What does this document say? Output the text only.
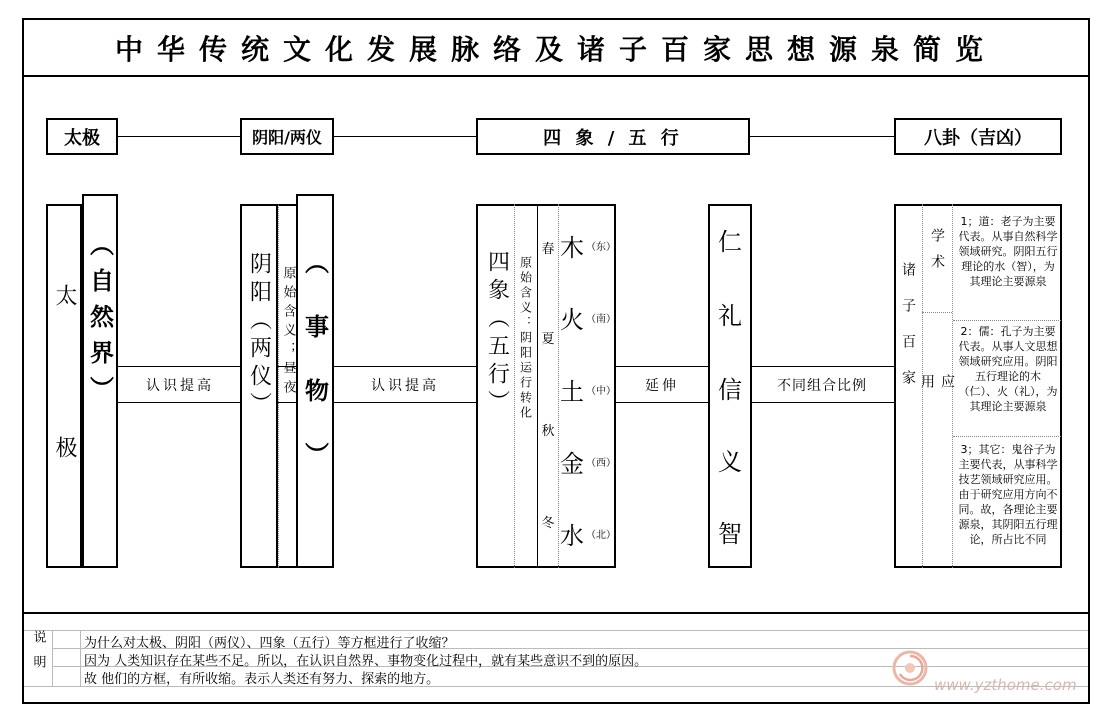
中华传统文化发展脉络及诸子百家思想源泉简览
太极	阴阳/两仪	四 象 / 五 行	八卦（吉凶）
认识提高	认识提高	延伸	不同组合比例
太极 （自然界）	阴阳（两仪） 原始含义；昼夜 （事物）	四象（五行） 原始含义：阴阳运行转化
春
夏
秋
冬
木 （东）
火 （南）
土 （中）
金 （西）
水 （北）
仁
礼
信
义
智
诸子百家
学术
应用
1；道：老子为主要代表。从事自然科学领域研究。阴阳五行理论的水（智），为其理论主要源泉
2：儒：孔子为主要代表。从事人文思想领域研究应用。阴阳五行理论的木（仁）、火（礼），为其理论主要源泉
3；其它：鬼谷子为主要代表，从事科学技艺领域研究应用。由于研究应用方向不同。故，各理论主要源泉，其阴阳五行理论，所占比不同
说明	为什么对太极、阴阳（两仪）、四象（五行）等方框进行了收缩？
因为 人类知识存在某些不足。所以，在认识自然界、事物变化过程中，就有某些意识不到的原因。
故 他们的方框，有所收缩。表示人类还有努力、探索的地方。	www.yzthome.com
